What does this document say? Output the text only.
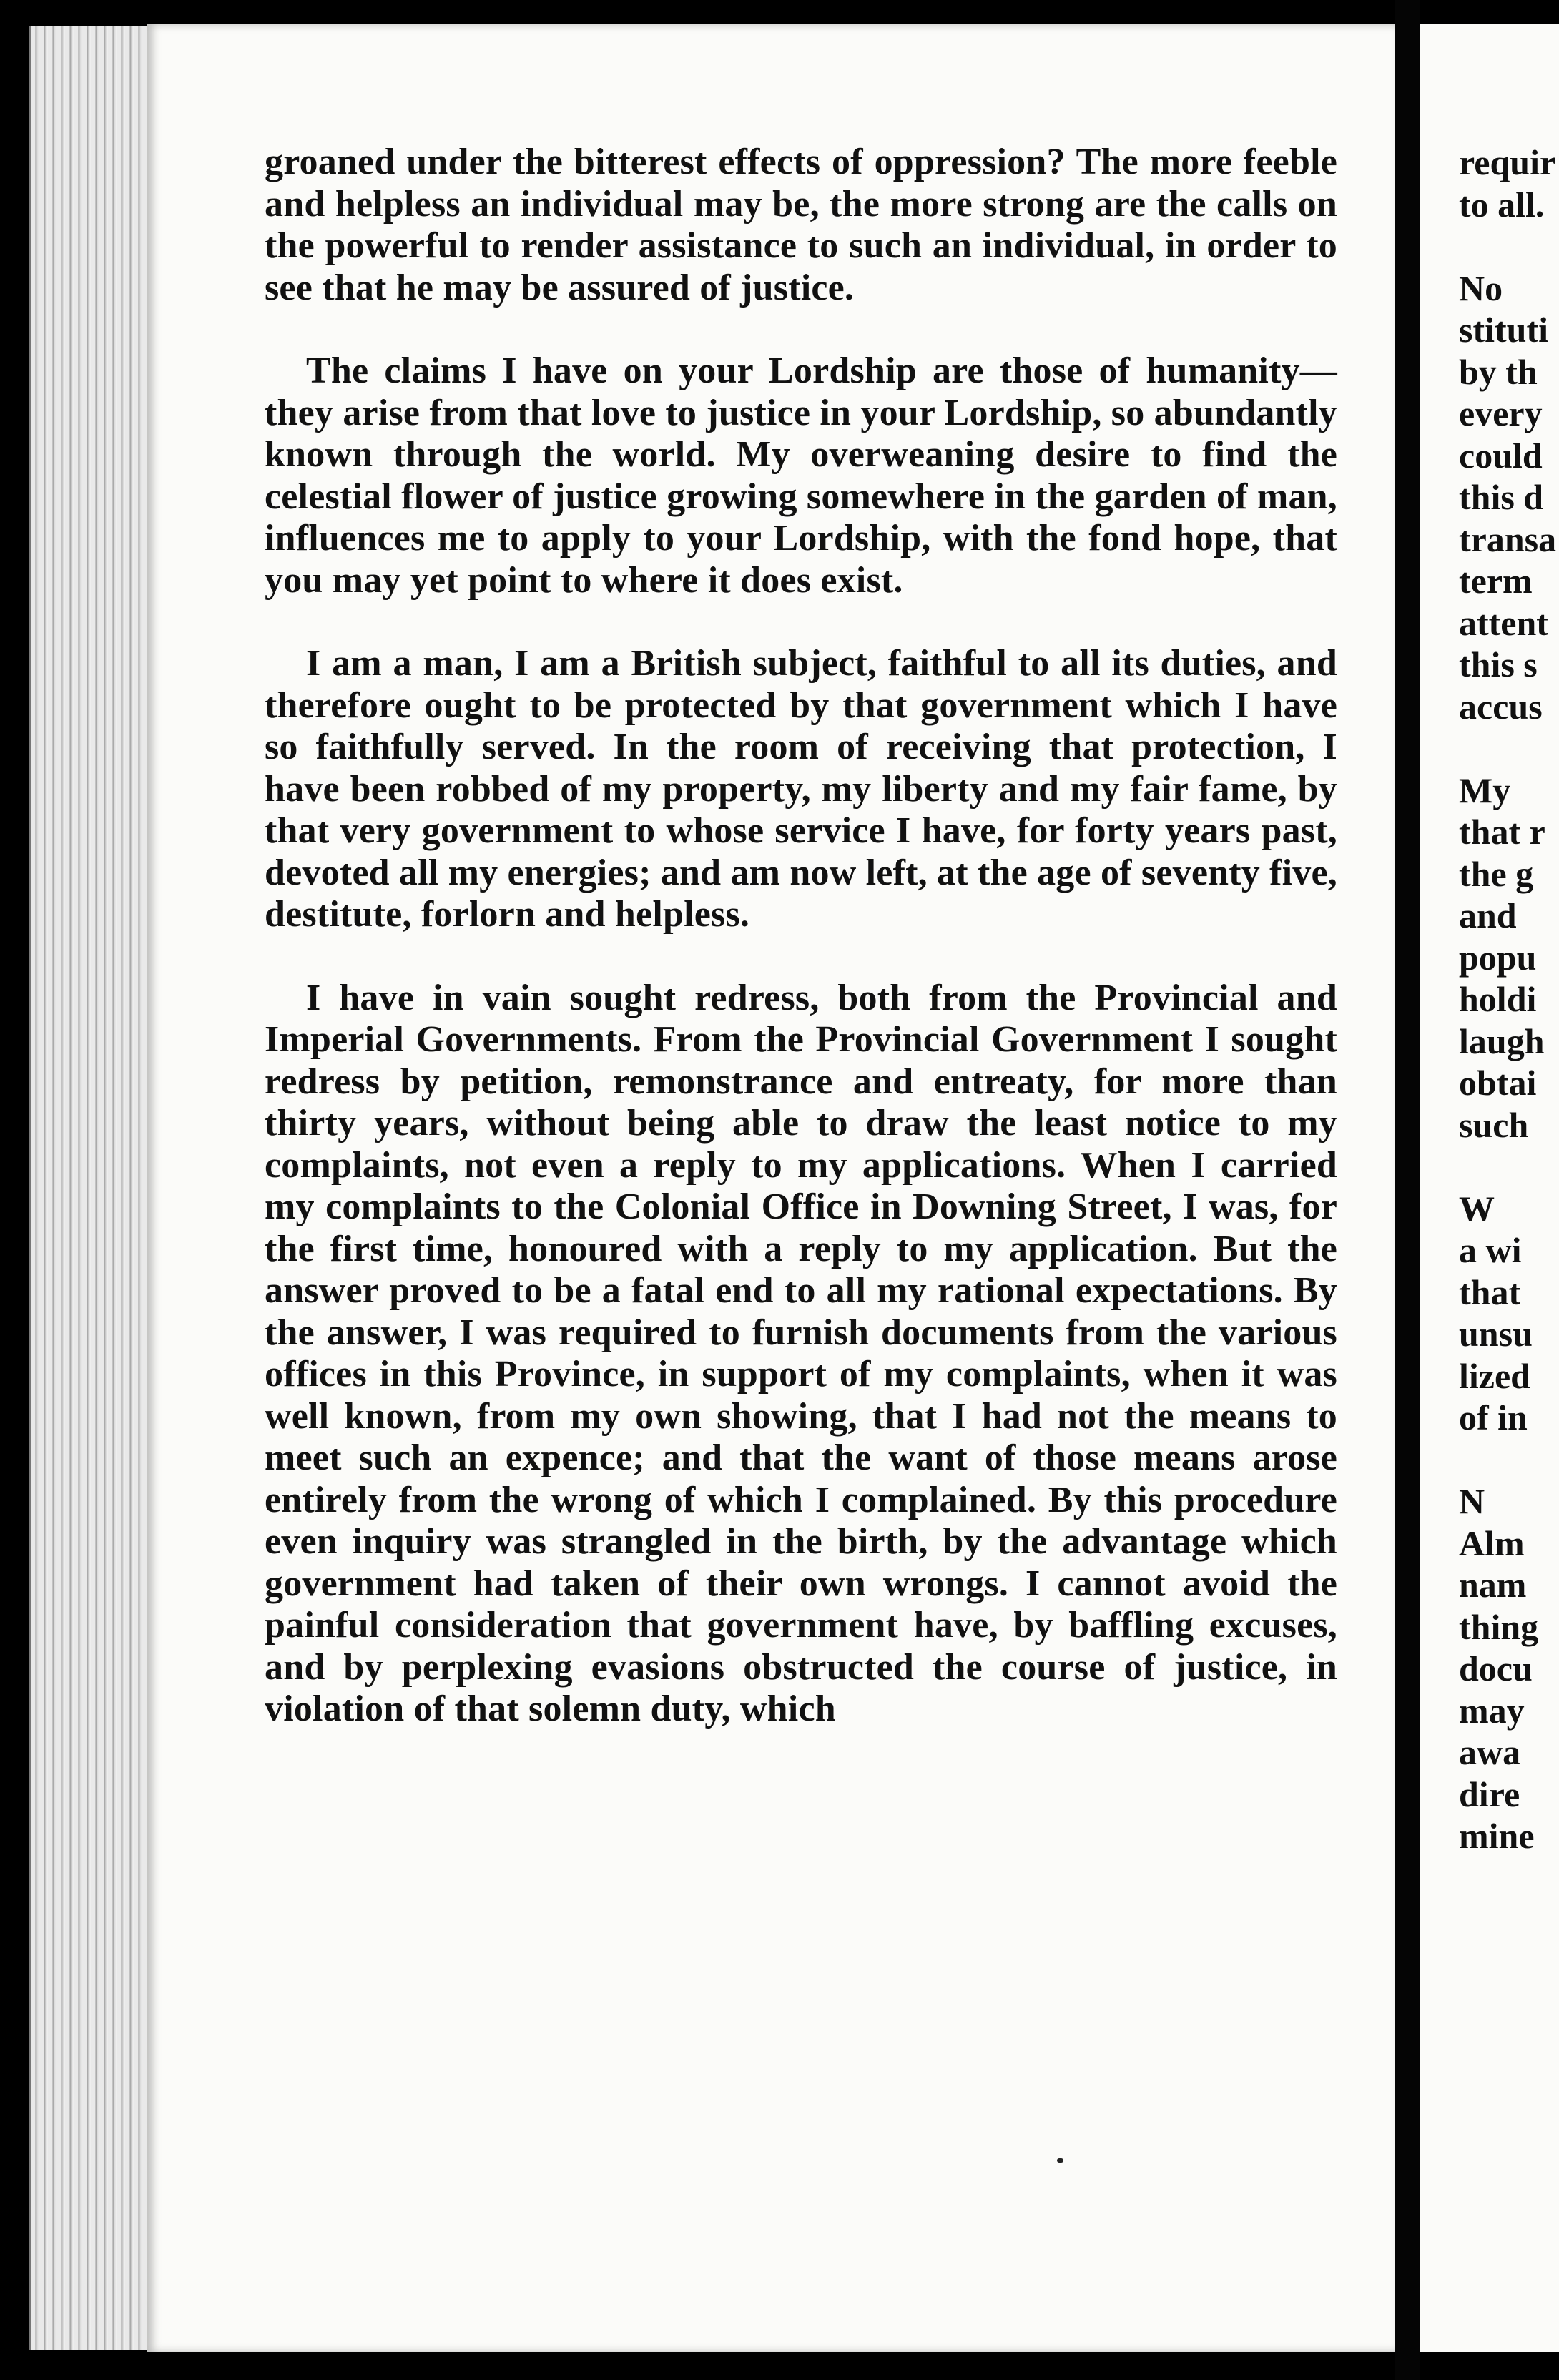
groaned under the bitterest effects of oppression? The more feeble and helpless an individual may be, the more strong are the calls on the powerful to render assistance to such an individual, in order to see that he may be assured of justice.

The claims I have on your Lordship are those of humanity— they arise from that love to justice in your Lordship, so abundantly known through the world. My overweaning desire to find the celestial flower of justice growing somewhere in the garden of man, influences me to apply to your Lordship, with the fond hope, that you may yet point to where it does exist.

I am a man, I am a British subject, faithful to all its duties, and therefore ought to be protected by that government which I have so faithfully served. In the room of receiving that protection, I have been robbed of my property, my liberty and my fair fame, by that very government to whose service I have, for forty years past, devoted all my energies; and am now left, at the age of seventy five, destitute, forlorn and helpless.

I have in vain sought redress, both from the Provincial and Imperial Governments. From the Provincial Government I sought redress by petition, remonstrance and entreaty, for more than thirty years, without being able to draw the least notice to my complaints, not even a reply to my applications. When I carried my complaints to the Colonial Office in Downing Street, I was, for the first time, honoured with a reply to my application. But the answer proved to be a fatal end to all my rational expectations. By the answer, I was required to furnish documents from the various offices in this Province, in support of my complaints, when it was well known, from my own showing, that I had not the means to meet such an expence; and that the want of those means arose entirely from the wrong of which I complained. By this procedure even inquiry was strangled in the birth, by the advantage which government had taken of their own wrongs. I cannot avoid the painful consideration that government have, by baffling excuses, and by perplexing evasions obstructed the course of justice, in violation of that solemn duty, which

requir
to all.
No
stituti
by th
every
could
this d
transa
term
attent
this s
accus
My
that r
the g
and
popu
holdi
laugh
obtai
such
W
a wi
that
unsu
lized
of in
N
Alm
nam
thing
docu
may
awa
dire
mine
